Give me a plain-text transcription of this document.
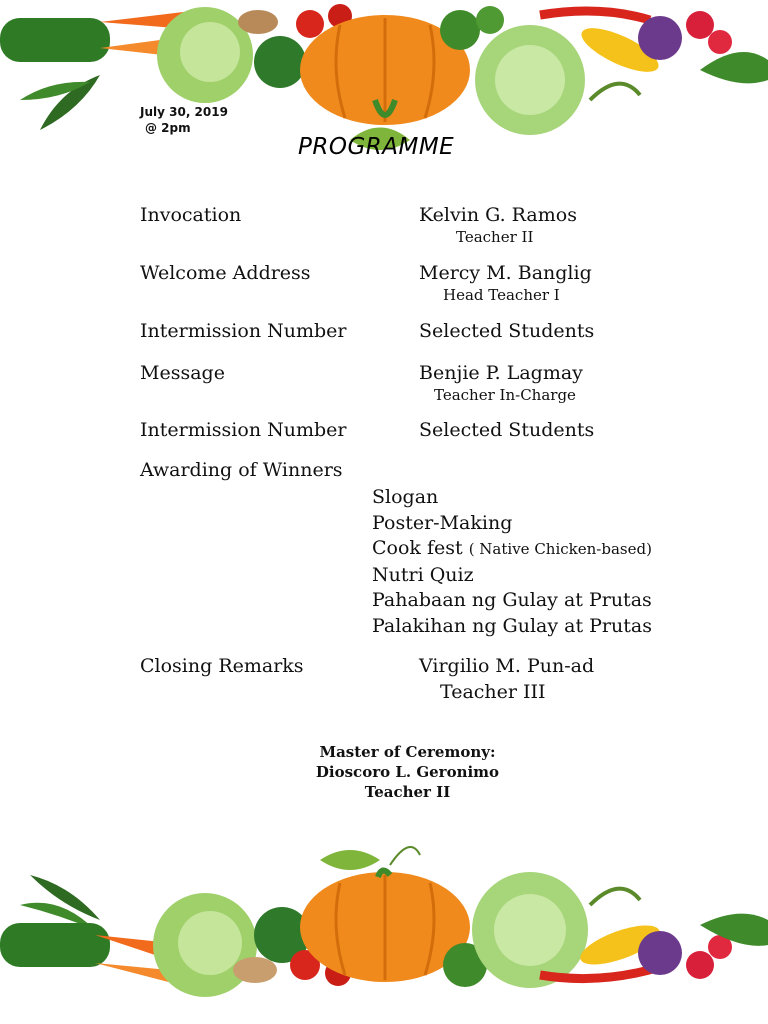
July 30, 2019
@ 2pm
PROGRAMME
Invocation	Kelvin G. Ramos
Teacher II
Welcome Address	Mercy M. Banglig
Head Teacher I
Intermission Number	Selected Students
Message	Benjie P. Lagmay
Teacher In-Charge
Intermission Number	Selected Students
Awarding of Winners
Slogan
Poster-Making
Cook fest ( Native Chicken-based)
Nutri Quiz
Pahabaan ng Gulay at Prutas
Palakihan ng Gulay at Prutas
Closing Remarks	Virgilio M. Pun-ad
Teacher III
Master of Ceremony:
Dioscoro L. Geronimo
Teacher II
